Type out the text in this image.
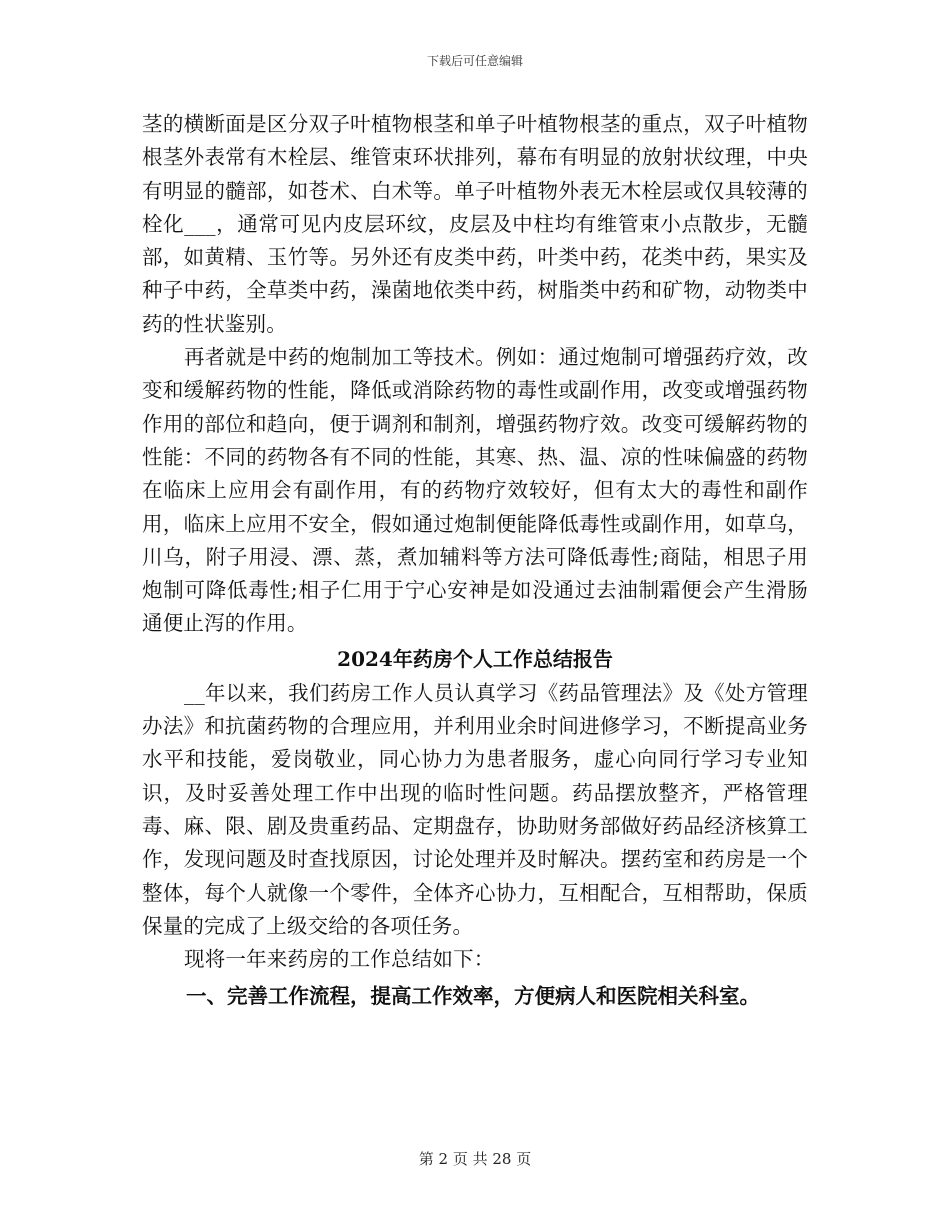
下载后可任意编辑

茎的横断面是区分双子叶植物根茎和单子叶植物根茎的重点，双子叶植物根茎外表常有木栓层、维管束环状排列，幕布有明显的放射状纹理，中央有明显的髓部，如苍术、白术等。单子叶植物外表无木栓层或仅具较薄的栓化___，通常可见内皮层环纹，皮层及中柱均有维管束小点散步，无髓部，如黄精、玉竹等。另外还有皮类中药，叶类中药，花类中药，果实及种子中药，全草类中药，澡菌地依类中药，树脂类中药和矿物，动物类中药的性状鉴别。

再者就是中药的炮制加工等技术。例如：通过炮制可增强药疗效，改变和缓解药物的性能，降低或消除药物的毒性或副作用，改变或增强药物作用的部位和趋向，便于调剂和制剂，增强药物疗效。改变可缓解药物的性能：不同的药物各有不同的性能，其寒、热、温、凉的性味偏盛的药物在临床上应用会有副作用，有的药物疗效较好，但有太大的毒性和副作用，临床上应用不安全，假如通过炮制便能降低毒性或副作用，如草乌，川乌，附子用浸、漂、蒸，煮加辅料等方法可降低毒性;商陆，相思子用炮制可降低毒性;相子仁用于宁心安神是如没通过去油制霜便会产生滑肠通便止泻的作用。

2024年药房个人工作总结报告

__年以来，我们药房工作人员认真学习《药品管理法》及《处方管理办法》和抗菌药物的合理应用，并利用业余时间进修学习，不断提高业务水平和技能，爱岗敬业，同心协力为患者服务，虚心向同行学习专业知识，及时妥善处理工作中出现的临时性问题。药品摆放整齐，严格管理毒、麻、限、剧及贵重药品、定期盘存，协助财务部做好药品经济核算工作，发现问题及时查找原因，讨论处理并及时解决。摆药室和药房是一个整体，每个人就像一个零件，全体齐心协力，互相配合，互相帮助，保质保量的完成了上级交给的各项任务。

现将一年来药房的工作总结如下：

一、完善工作流程，提高工作效率，方便病人和医院相关科室。

第 2 页 共 28 页
